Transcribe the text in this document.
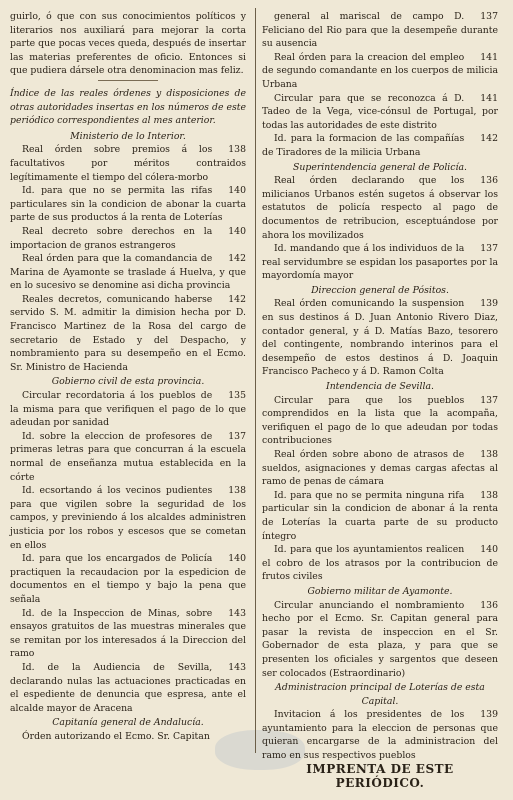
guirlo, ó que con sus conocimientos políticos y literarios nos auxiliará para mejorar la corta parte que pocas veces queda, después de insertar las materias preferentes de oficio. Entonces si que pudiera dársele otra denominacion mas feliz.

Índice de las reales órdenes y disposiciones de otras autoridades insertas en los números de este periódico correspondientes al mes anterior.

Ministerio de lo Interior.

138
Real órden sobre premios á los facultativos por méritos contraidos legítimamente el tiempo del cólera-morbo

140
Id. para que no se permita las rifas particulares sin la condicion de abonar la cuarta parte de sus productos á la renta de Loterías

140
Real decreto sobre derechos en la importacion de granos estrangeros

142
Real órden para que la comandancia de Marina de Ayamonte se traslade á Huelva, y que en lo sucesivo se denomine asi dicha provincia

142
Reales decretos, comunicando haberse servido S. M. admitir la dimision hecha por D. Francisco Martinez de la Rosa del cargo de secretario de Estado y del Despacho, y nombramiento para su desempeño en el Ecmo. Sr. Ministro de Hacienda

Gobierno civil de esta provincia.

135
Circular recordatoria á los pueblos de la misma para que verifiquen el pago de lo que adeudan por sanidad

137
Id. sobre la eleccion de profesores de primeras letras para que concurran á la escuela normal de enseñanza mutua establecida en la córte

138
Id. ecsortando á los vecinos pudientes para que vigilen sobre la seguridad de los campos, y previniendo á los alcaldes administren justicia por los robos y escesos que se cometan en ellos

140
Id. para que los encargados de Policía practiquen la recaudacion por la espedicion de documentos en el tiempo y bajo la pena que señala

143
Id. de la Inspeccion de Minas, sobre ensayos gratuitos de las muestras minerales que se remitan por los interesados á la Direccion del ramo

143
Id. de la Audiencia de Sevilla, declarando nulas las actuaciones practicadas en el espediente de denuncia que espresa, ante el alcalde mayor de Aracena

Capitanía general de Andalucía.

Órden autorizando el Ecmo. Sr. Capitan

137
general al mariscal de campo D. Feliciano del Rio para que la desempeñe durante su ausencia

141
Real órden para la creacion del empleo de segundo comandante en los cuerpos de milicia Urbana

141
Circular para que se reconozca á D. Tadeo de la Vega, vice-cónsul de Portugal, por todas las autoridades de este distrito

142
Id. para la formacion de las compañías de Tiradores de la milicia Urbana

Superintendencia general de Policía.

136
Real órden declarando que los milicianos Urbanos estén sugetos á observar los estatutos de policía respecto al pago de documentos de retribucion, esceptuándose por ahora los movilizados

137
Id. mandando que á los individuos de la real servidumbre se espidan los pasaportes por la mayordomía mayor

Direccion general de Pósitos.

139
Real órden comunicando la suspension en sus destinos á D. Juan Antonio Rivero Diaz, contador general, y á D. Matías Bazo, tesorero del contingente, nombrando interinos para el desempeño de estos destinos á D. Joaquin Francisco Pacheco y á D. Ramon Colta

Intendencia de Sevilla.

137
Circular para que los pueblos comprendidos en la lista que la acompaña, verifiquen el pago de lo que adeudan por todas contribuciones

138
Real órden sobre abono de atrasos de sueldos, asignaciones y demas cargas afectas al ramo de penas de cámara

138
Id. para que no se permita ninguna rifa particular sin la condicion de abonar á la renta de Loterías la cuarta parte de su producto íntegro

140
Id. para que los ayuntamientos realicen el cobro de los atrasos por la contribucion de frutos civiles

Gobierno militar de Ayamonte.

136
Circular anunciando el nombramiento hecho por el Ecmo. Sr. Capitan general para pasar la revista de inspeccion en el Sr. Gobernador de esta plaza, y para que se presenten los oficiales y sargentos que deseen ser colocados (Estraordinario)

Administracion principal de Loterías de esta Capital.

139
Invitacion á los presidentes de los ayuntamiento para la eleccion de personas que quieran encargarse de la administracion del ramo en sus respectivos pueblos

IMPRENTA DE ESTE PERIÓDICO.
